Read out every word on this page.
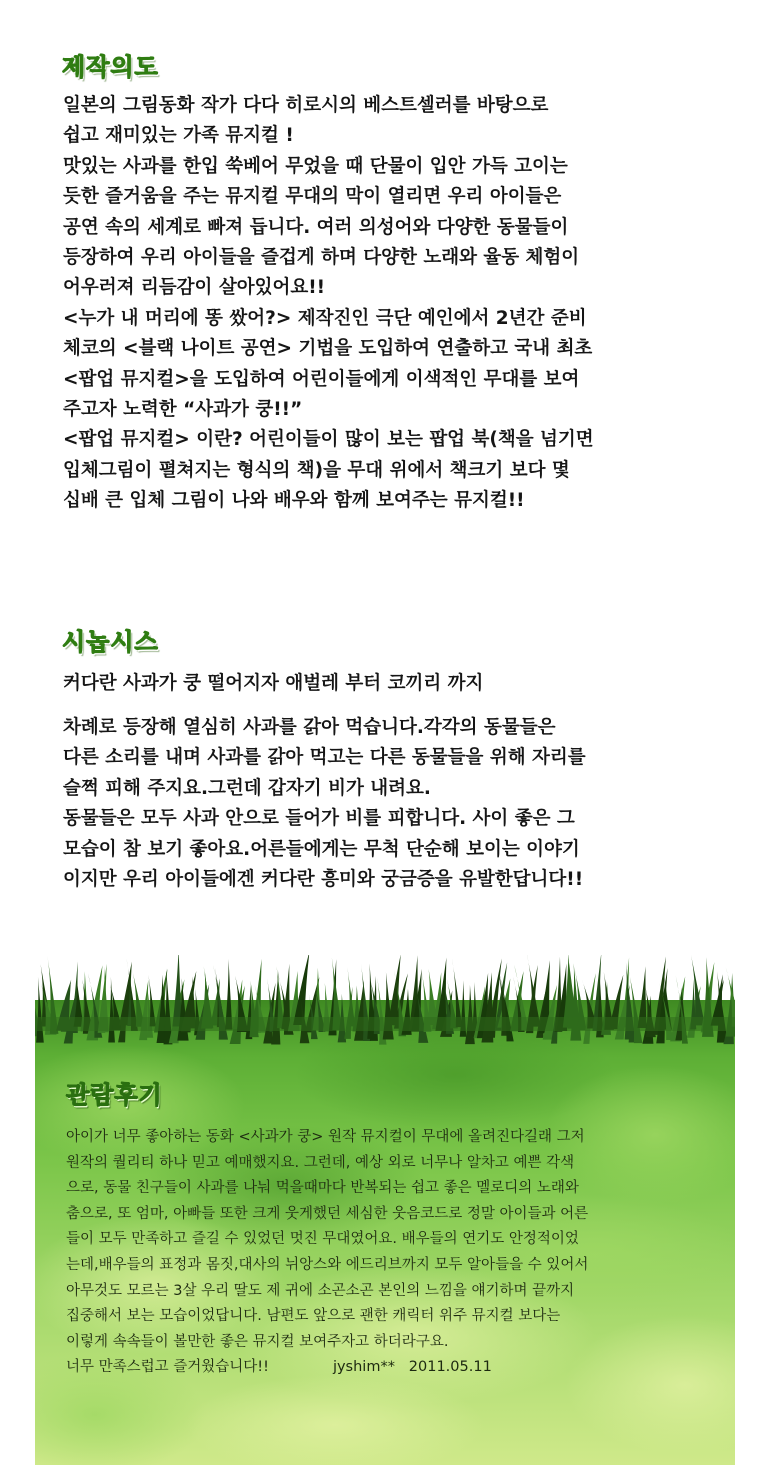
제작의도
일본의 그림동화 작가 다다 히로시의 베스트셀러를 바탕으로
쉽고 재미있는 가족 뮤지컬 !
맛있는 사과를 한입 쑥베어 무었을 때 단물이 입안 가득 고이는
듯한 즐거움을 주는 뮤지컬 무대의 막이 열리면 우리 아이들은
공연 속의 세계로 빠져 듭니다. 여러 의성어와 다양한 동물들이
등장하여 우리 아이들을 즐겁게 하며 다양한 노래와 율동 체험이
어우러져 리듬감이 살아있어요!!
<누가 내 머리에 똥 쌌어?> 제작진인 극단 예인에서 2년간 준비
체코의 <블랙 나이트 공연> 기법을 도입하여 연출하고 국내 최초
<팝업 뮤지컬>을 도입하여 어린이들에게 이색적인 무대를 보여
주고자 노력한 “사과가 쿵!!”
<팝업 뮤지컬> 이란? 어린이들이 많이 보는 팝업 북(책을 넘기면
입체그림이 펼쳐지는 형식의 책)을 무대 위에서 책크기 보다 몇
십배 큰 입체 그림이 나와 배우와 함께 보여주는 뮤지컬!!
시놉시스
커다란 사과가 쿵 떨어지자 애벌레 부터 코끼리 까지
차례로 등장해 열심히 사과를 갉아 먹습니다.각각의 동물들은
다른 소리를 내며 사과를 갉아 먹고는 다른 동물들을 위해 자리를
슬쩍 피해 주지요.그런데 갑자기 비가 내려요.
동물들은 모두 사과 안으로 들어가 비를 피합니다. 사이 좋은 그
모습이 참 보기 좋아요.어른들에게는 무척 단순해 보이는 이야기
이지만 우리 아이들에겐 커다란 흥미와 궁금증을 유발한답니다!!
관람후기
아이가 너무 좋아하는 동화 <사과가 쿵> 원작 뮤지컬이 무대에 올려진다길래 그저
원작의 퀄리티 하나 믿고 예매했지요. 그런데, 예상 외로 너무나 알차고 예쁜 각색
으로, 동물 친구들이 사과를 나눠 먹을때마다 반복되는 쉽고 좋은 멜로디의 노래와
춤으로, 또 엄마, 아빠들 또한 크게 웃게했던 세심한 웃음코드로 정말 아이들과 어른
들이 모두 만족하고 즐길 수 있었던 멋진 무대였어요. 배우들의 연기도 안정적이었
는데,배우들의 표정과 몸짓,대사의 뉘앙스와 에드리브까지 모두 알아들을 수 있어서
아무것도 모르는 3살 우리 딸도 제 귀에 소곤소곤 본인의 느낌을 얘기하며 끝까지
집중해서 보는 모습이었답니다. 남편도 앞으로 괜한 캐릭터 위주 뮤지컬 보다는
이렇게 속속들이 볼만한 좋은 뮤지컬 보여주자고 하더라구요.
너무 만족스럽고 즐거웠습니다!!	jyshim** 2011.05.11
